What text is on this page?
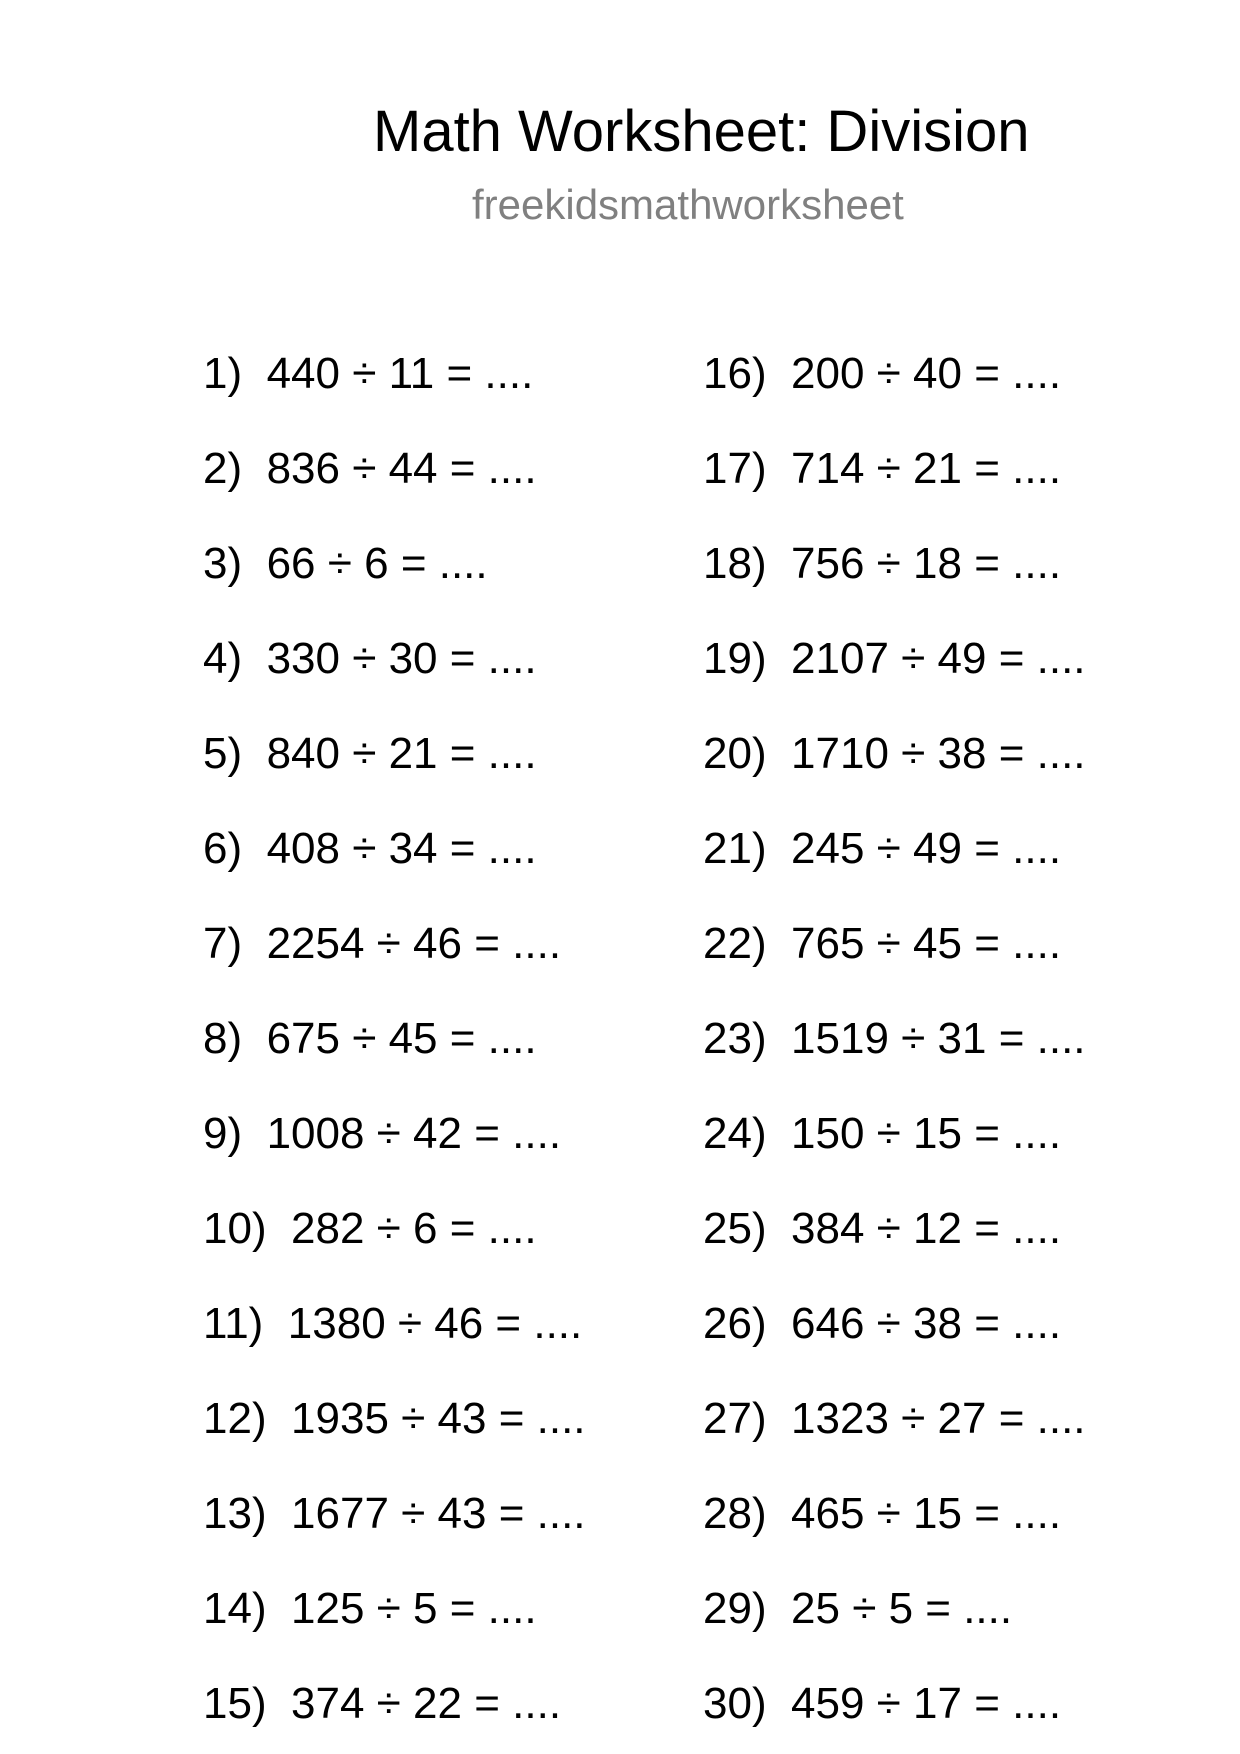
Math Worksheet: Division
freekidsmathworksheet
1) 440 ÷ 11 = ....
2) 836 ÷ 44 = ....
3) 66 ÷ 6 = ....
4) 330 ÷ 30 = ....
5) 840 ÷ 21 = ....
6) 408 ÷ 34 = ....
7) 2254 ÷ 46 = ....
8) 675 ÷ 45 = ....
9) 1008 ÷ 42 = ....
10) 282 ÷ 6 = ....
11) 1380 ÷ 46 = ....
12) 1935 ÷ 43 = ....
13) 1677 ÷ 43 = ....
14) 125 ÷ 5 = ....
15) 374 ÷ 22 = ....
16) 200 ÷ 40 = ....
17) 714 ÷ 21 = ....
18) 756 ÷ 18 = ....
19) 2107 ÷ 49 = ....
20) 1710 ÷ 38 = ....
21) 245 ÷ 49 = ....
22) 765 ÷ 45 = ....
23) 1519 ÷ 31 = ....
24) 150 ÷ 15 = ....
25) 384 ÷ 12 = ....
26) 646 ÷ 38 = ....
27) 1323 ÷ 27 = ....
28) 465 ÷ 15 = ....
29) 25 ÷ 5 = ....
30) 459 ÷ 17 = ....
